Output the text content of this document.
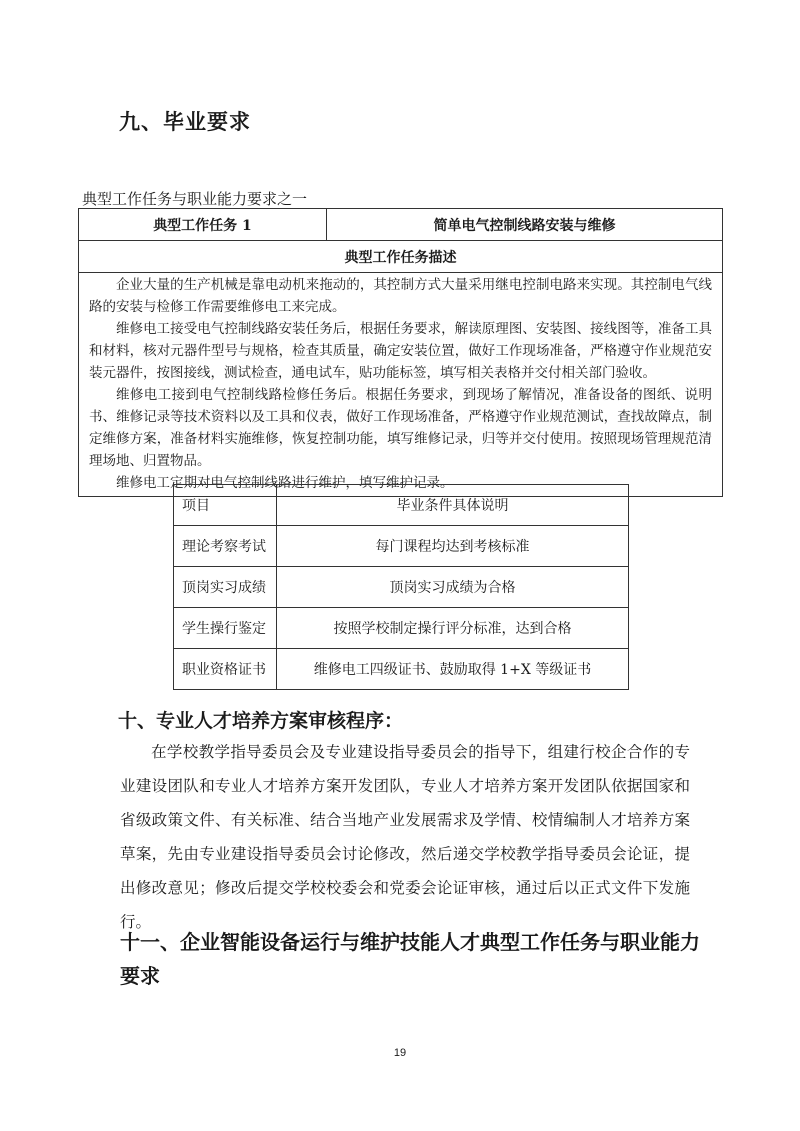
九、毕业要求
典型工作任务与职业能力要求之一
典型工作任务 1	简单电气控制线路安装与维修
典型工作任务描述

企业大量的生产机械是靠电动机来拖动的，其控制方式大量采用继电控制电路来实现。其控制电气线路的安装与检修工作需要维修电工来完成。

维修电工接受电气控制线路安装任务后，根据任务要求，解读原理图、安装图、接线图等，准备工具和材料，核对元器件型号与规格，检查其质量，确定安装位置，做好工作现场准备，严格遵守作业规范安装元器件，按图接线，测试检查，通电试车，贴功能标签，填写相关表格并交付相关部门验收。

维修电工接到电气控制线路检修任务后。根据任务要求，到现场了解情况，准备设备的图纸、说明书、维修记录等技术资料以及工具和仪表，做好工作现场准备，严格遵守作业规范测试，查找故障点，制定维修方案，准备材料实施维修，恢复控制功能，填写维修记录，归等并交付使用。按照现场管理规范清理场地、归置物品。

维修电工定期对电气控制线路进行维护，填写维护记录。

项目	毕业条件具体说明
理论考察考试	每门课程均达到考核标准
顶岗实习成绩	顶岗实习成绩为合格
学生操行鉴定	按照学校制定操行评分标准，达到合格
职业资格证书	维修电工四级证书、鼓励取得 1+X 等级证书
十、专业人才培养方案审核程序：

在学校教学指导委员会及专业建设指导委员会的指导下，组建行校企合作的专业建设团队和专业人才培养方案开发团队，专业人才培养方案开发团队依据国家和省级政策文件、有关标准、结合当地产业发展需求及学情、校情编制人才培养方案草案，先由专业建设指导委员会讨论修改，然后递交学校教学指导委员会论证，提出修改意见；修改后提交学校校委会和党委会论证审核，通过后以正式文件下发施行。

十一、企业智能设备运行与维护技能人才典型工作任务与职业能力要求
19
